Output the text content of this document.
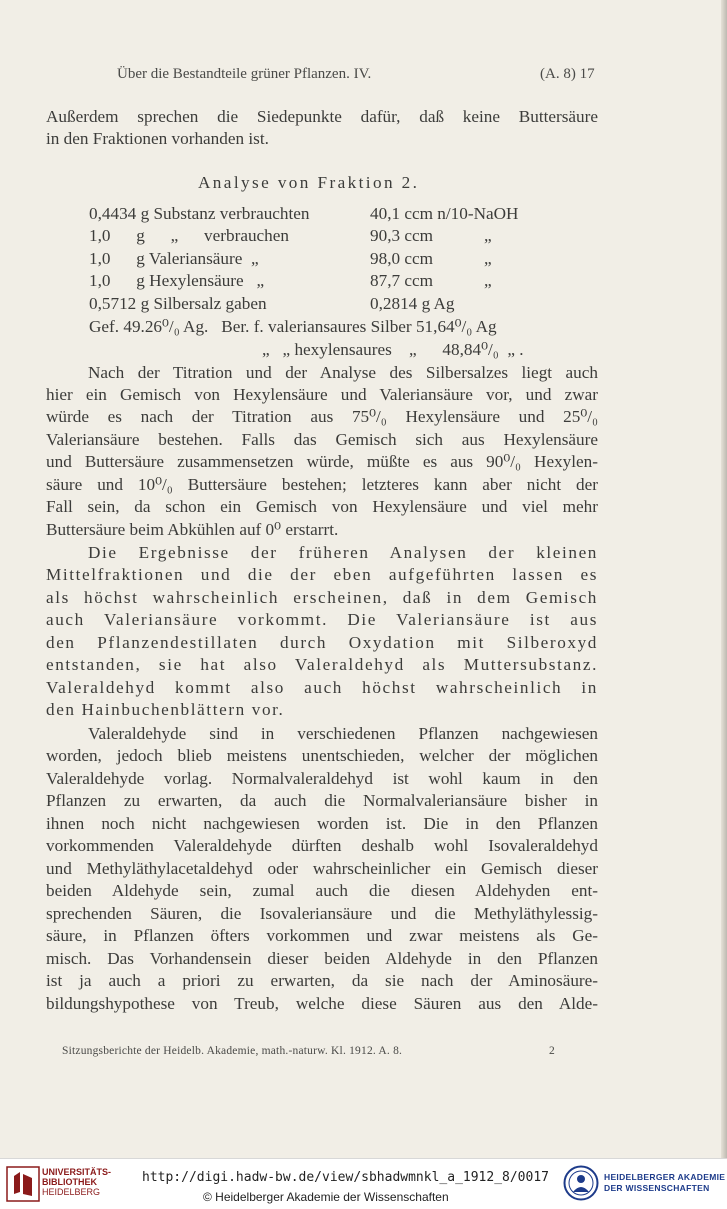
Über die Bestandteile grüner Pflanzen. IV.	(A. 8) 17
Außerdem sprechen die Siedepunkte dafür, daß keine Buttersäure
in den Fraktionen vorhanden ist.
Analyse von Fraktion 2.
0,4434 g Substanz verbrauchten	40,1 ccm n/10-NaOH
1,0      g      „      verbrauchen	90,3 ccm	„
1,0      g Valeriansäure  „	98,0 ccm	„
1,0      g Hexylensäure   „	87,7 ccm	„
0,5712 g Silbersalz gaben	0,2814 g Ag
Gef. 49.26⁰/₀ Ag.   Ber. f. valeriansaures Silber 51,64⁰/₀ Ag
„   „ hexylensaures    „      48,84⁰/₀  „ .
Nach der Titration und der Analyse des Silbersalzes liegt auch
hier ein Gemisch von Hexylensäure und Valeriansäure vor, und zwar
würde es nach der Titration aus 75⁰/₀ Hexylensäure und 25⁰/₀
Valeriansäure bestehen. Falls das Gemisch sich aus Hexylensäure
und Buttersäure zusammensetzen würde, müßte es aus 90⁰/₀ Hexylen-
säure und 10⁰/₀ Buttersäure bestehen; letzteres kann aber nicht der
Fall sein, da schon ein Gemisch von Hexylensäure und viel mehr
Buttersäure beim Abkühlen auf 0⁰ erstarrt.
Die Ergebnisse der früheren Analysen der kleinen
Mittelfraktionen und die der eben aufgeführten lassen es
als höchst wahrscheinlich erscheinen, daß in dem Gemisch
auch Valeriansäure vorkommt. Die Valeriansäure ist aus
den Pflanzendestillaten durch Oxydation mit Silberoxyd
entstanden, sie hat also Valeraldehyd als Muttersubstanz.
Valeraldehyd kommt also auch höchst wahrscheinlich in
den Hainbuchenblättern vor.
Valeraldehyde sind in verschiedenen Pflanzen nachgewiesen
worden, jedoch blieb meistens unentschieden, welcher der möglichen
Valeraldehyde vorlag. Normalvaleraldehyd ist wohl kaum in den
Pflanzen zu erwarten, da auch die Normalvaleriansäure bisher in
ihnen noch nicht nachgewiesen worden ist. Die in den Pflanzen
vorkommenden Valeraldehyde dürften deshalb wohl Isovaleraldehyd
und Methyläthylacetaldehyd oder wahrscheinlicher ein Gemisch dieser
beiden Aldehyde sein, zumal auch die diesen Aldehyden ent-
sprechenden Säuren, die Isovaleriansäure und die Methyläthylessig-
säure, in Pflanzen öfters vorkommen und zwar meistens als Ge-
misch. Das Vorhandensein dieser beiden Aldehyde in den Pflanzen
ist ja auch a priori zu erwarten, da sie nach der Aminosäure-
bildungshypothese von Treub, welche diese Säuren aus den Alde-
Sitzungsberichte der Heidelb. Akademie, math.-naturw. Kl. 1912. A. 8.	2
UNIVERSITÄTS-
BIBLIOTHEK
HEIDELBERG
http://digi.hadw-bw.de/view/sbhadwmnkl_a_1912_8/0017
© Heidelberger Akademie der Wissenschaften
HEIDELBERGER AKADEMIE
DER WISSENSCHAFTEN
